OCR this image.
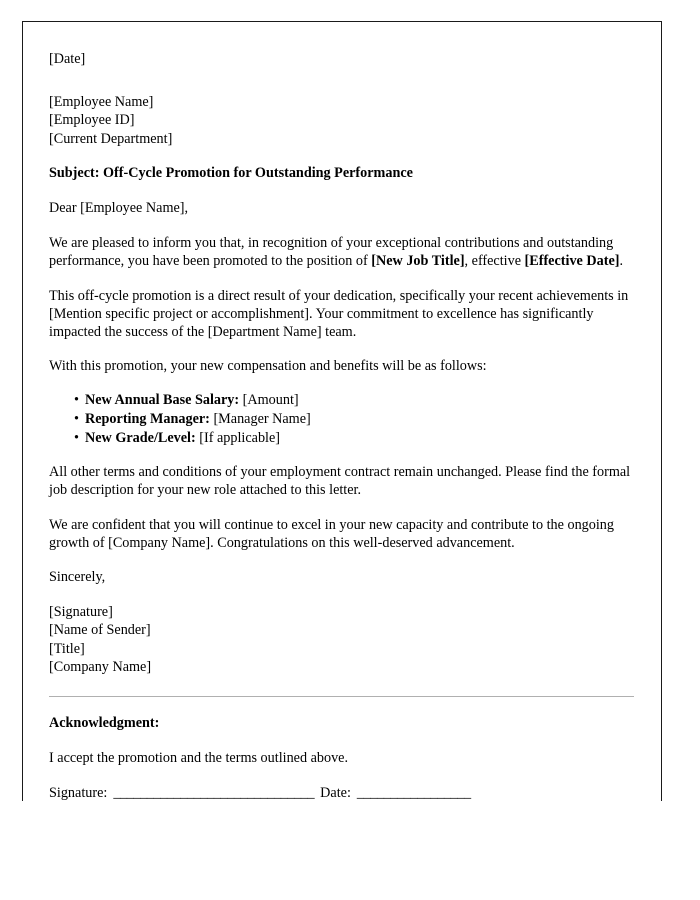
[Date]

[Employee Name]
[Employee ID]
[Current Department]

Subject: Off-Cycle Promotion for Outstanding Performance

Dear [Employee Name],

We are pleased to inform you that, in recognition of your exceptional contributions and outstanding performance, you have been promoted to the position of [New Job Title], effective [Effective Date].

This off-cycle promotion is a direct result of your dedication, specifically your recent achievements in [Mention specific project or accomplishment]. Your commitment to excellence has significantly impacted the success of the [Department Name] team.

With this promotion, your new compensation and benefits will be as follows:

• New Annual Base Salary: [Amount]
• Reporting Manager: [Manager Name]
• New Grade/Level: [If applicable]

All other terms and conditions of your employment contract remain unchanged. Please find the formal job description for your new role attached to this letter.

We are confident that you will continue to excel in your new capacity and contribute to the ongoing growth of [Company Name]. Congratulations on this well-deserved advancement.

Sincerely,

[Signature]
[Name of Sender]
[Title]
[Company Name]

Acknowledgment:

I accept the promotion and the terms outlined above.

Signature: ______________________________ Date: _________________
